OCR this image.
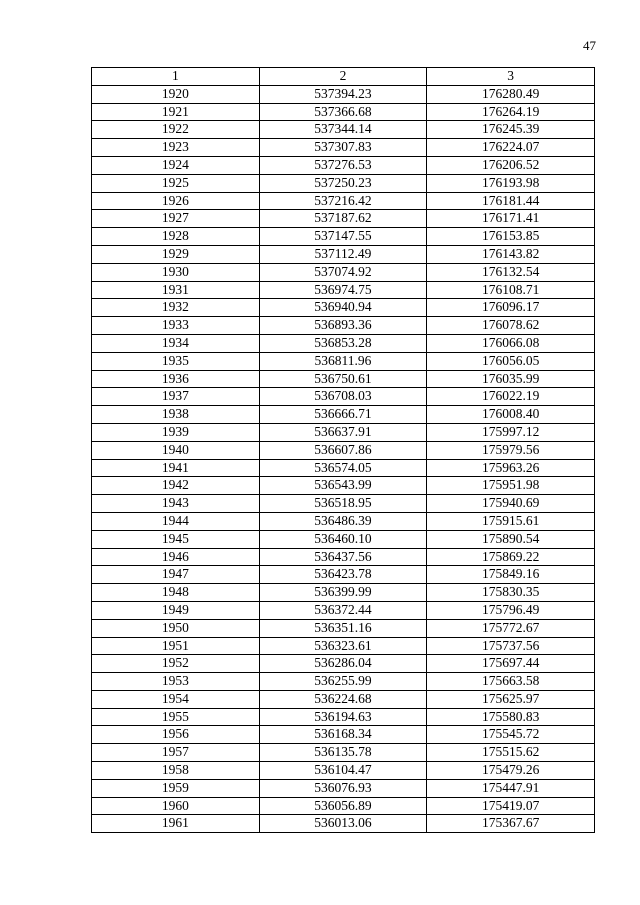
47
1	2	3
1920	537394.23	176280.49
1921	537366.68	176264.19
1922	537344.14	176245.39
1923	537307.83	176224.07
1924	537276.53	176206.52
1925	537250.23	176193.98
1926	537216.42	176181.44
1927	537187.62	176171.41
1928	537147.55	176153.85
1929	537112.49	176143.82
1930	537074.92	176132.54
1931	536974.75	176108.71
1932	536940.94	176096.17
1933	536893.36	176078.62
1934	536853.28	176066.08
1935	536811.96	176056.05
1936	536750.61	176035.99
1937	536708.03	176022.19
1938	536666.71	176008.40
1939	536637.91	175997.12
1940	536607.86	175979.56
1941	536574.05	175963.26
1942	536543.99	175951.98
1943	536518.95	175940.69
1944	536486.39	175915.61
1945	536460.10	175890.54
1946	536437.56	175869.22
1947	536423.78	175849.16
1948	536399.99	175830.35
1949	536372.44	175796.49
1950	536351.16	175772.67
1951	536323.61	175737.56
1952	536286.04	175697.44
1953	536255.99	175663.58
1954	536224.68	175625.97
1955	536194.63	175580.83
1956	536168.34	175545.72
1957	536135.78	175515.62
1958	536104.47	175479.26
1959	536076.93	175447.91
1960	536056.89	175419.07
1961	536013.06	175367.67
